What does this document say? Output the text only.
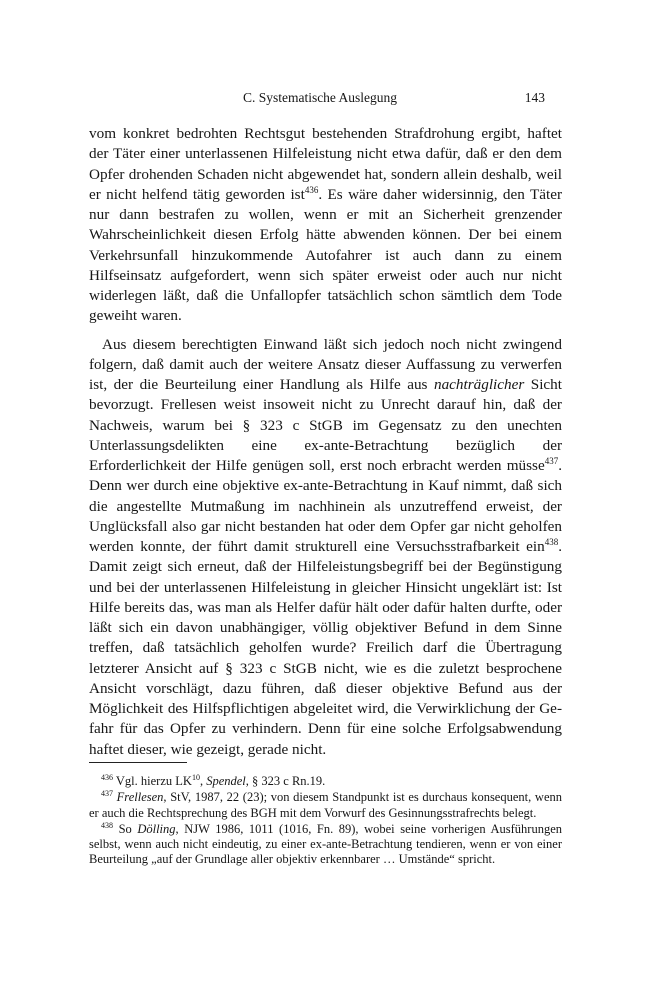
C. Systematische Auslegung	143

vom konkret bedrohten Rechtsgut bestehenden Strafdrohung ergibt, haftet der Täter einer unterlassenen Hilfeleistung nicht etwa dafür, daß er den dem Opfer drohenden Schaden nicht abgewendet hat, sondern allein deshalb, weil er nicht helfend tätig geworden ist$^{436}$. Es wäre daher widersinnig, den Täter nur dann bestrafen zu wollen, wenn er mit an Sicherheit grenzender Wahrscheinlichkeit diesen Erfolg hätte abwenden können. Der bei einem Verkehrsunfall hinzukommende Autofahrer ist auch dann zu einem Hilfseinsatz aufgefordert, wenn sich später erweist oder auch nur nicht widerlegen läßt, daß die Unfallopfer tatsächlich schon sämtlich dem Tode geweiht waren.

Aus diesem berechtigten Einwand läßt sich jedoch noch nicht zwingend folgern, daß damit auch der weitere Ansatz dieser Auffassung zu verwerfen ist, der die Beurteilung einer Handlung als Hilfe aus nachträglicher Sicht bevorzugt. Frellesen weist insoweit nicht zu Unrecht darauf hin, daß der Nachweis, warum bei § 323 c StGB im Gegensatz zu den unechten Unterlassungsdelikten eine ex-ante-Betrachtung bezüglich der Erforderlichkeit der Hilfe genügen soll, erst noch erbracht werden müsse$^{437}$. Denn wer durch eine objektive ex-ante-Betrachtung in Kauf nimmt, daß sich die angestellte Mutmaßung im nachhinein als unzutreffend erweist, der Unglücksfall also gar nicht bestanden hat oder dem Opfer gar nicht geholfen werden konnte, der führt damit strukturell eine Versuchsstrafbarkeit ein$^{438}$. Damit zeigt sich erneut, daß der Hilfeleistungsbegriff bei der Begünstigung und bei der unterlassenen Hilfeleistung in gleicher Hinsicht ungeklärt ist: Ist Hilfe bereits das, was man als Helfer dafür hält oder dafür halten durfte, oder läßt sich ein davon unabhängiger, völlig objektiver Befund in dem Sinne treffen, daß tatsächlich geholfen wurde? Freilich darf die Übertragung letzterer Ansicht auf § 323 c StGB nicht, wie es die zuletzt besprochene Ansicht vorschlägt, dazu führen, daß dieser objektive Befund aus der Möglichkeit des Hilfspflichtigen abgeleitet wird, die Verwirklichung der Gefahr für das Opfer zu verhindern. Denn für eine solche Erfolgsabwendung haftet dieser, wie gezeigt, gerade nicht.

$^{436}$ Vgl. hierzu LK$^{10}$, Spendel, § 323 c Rn.19.

$^{437}$ Frellesen, StV, 1987, 22 (23); von diesem Standpunkt ist es durchaus konsequent, wenn er auch die Rechtsprechung des BGH mit dem Vorwurf des Gesinnungsstrafrechts belegt.

$^{438}$ So Dölling, NJW 1986, 1011 (1016, Fn. 89), wobei seine vorherigen Ausführungen selbst, wenn auch nicht eindeutig, zu einer ex-ante-Betrachtung tendieren, wenn er von einer Beurteilung „auf der Grundlage aller objektiv erkennbarer … Umstände“ spricht.
